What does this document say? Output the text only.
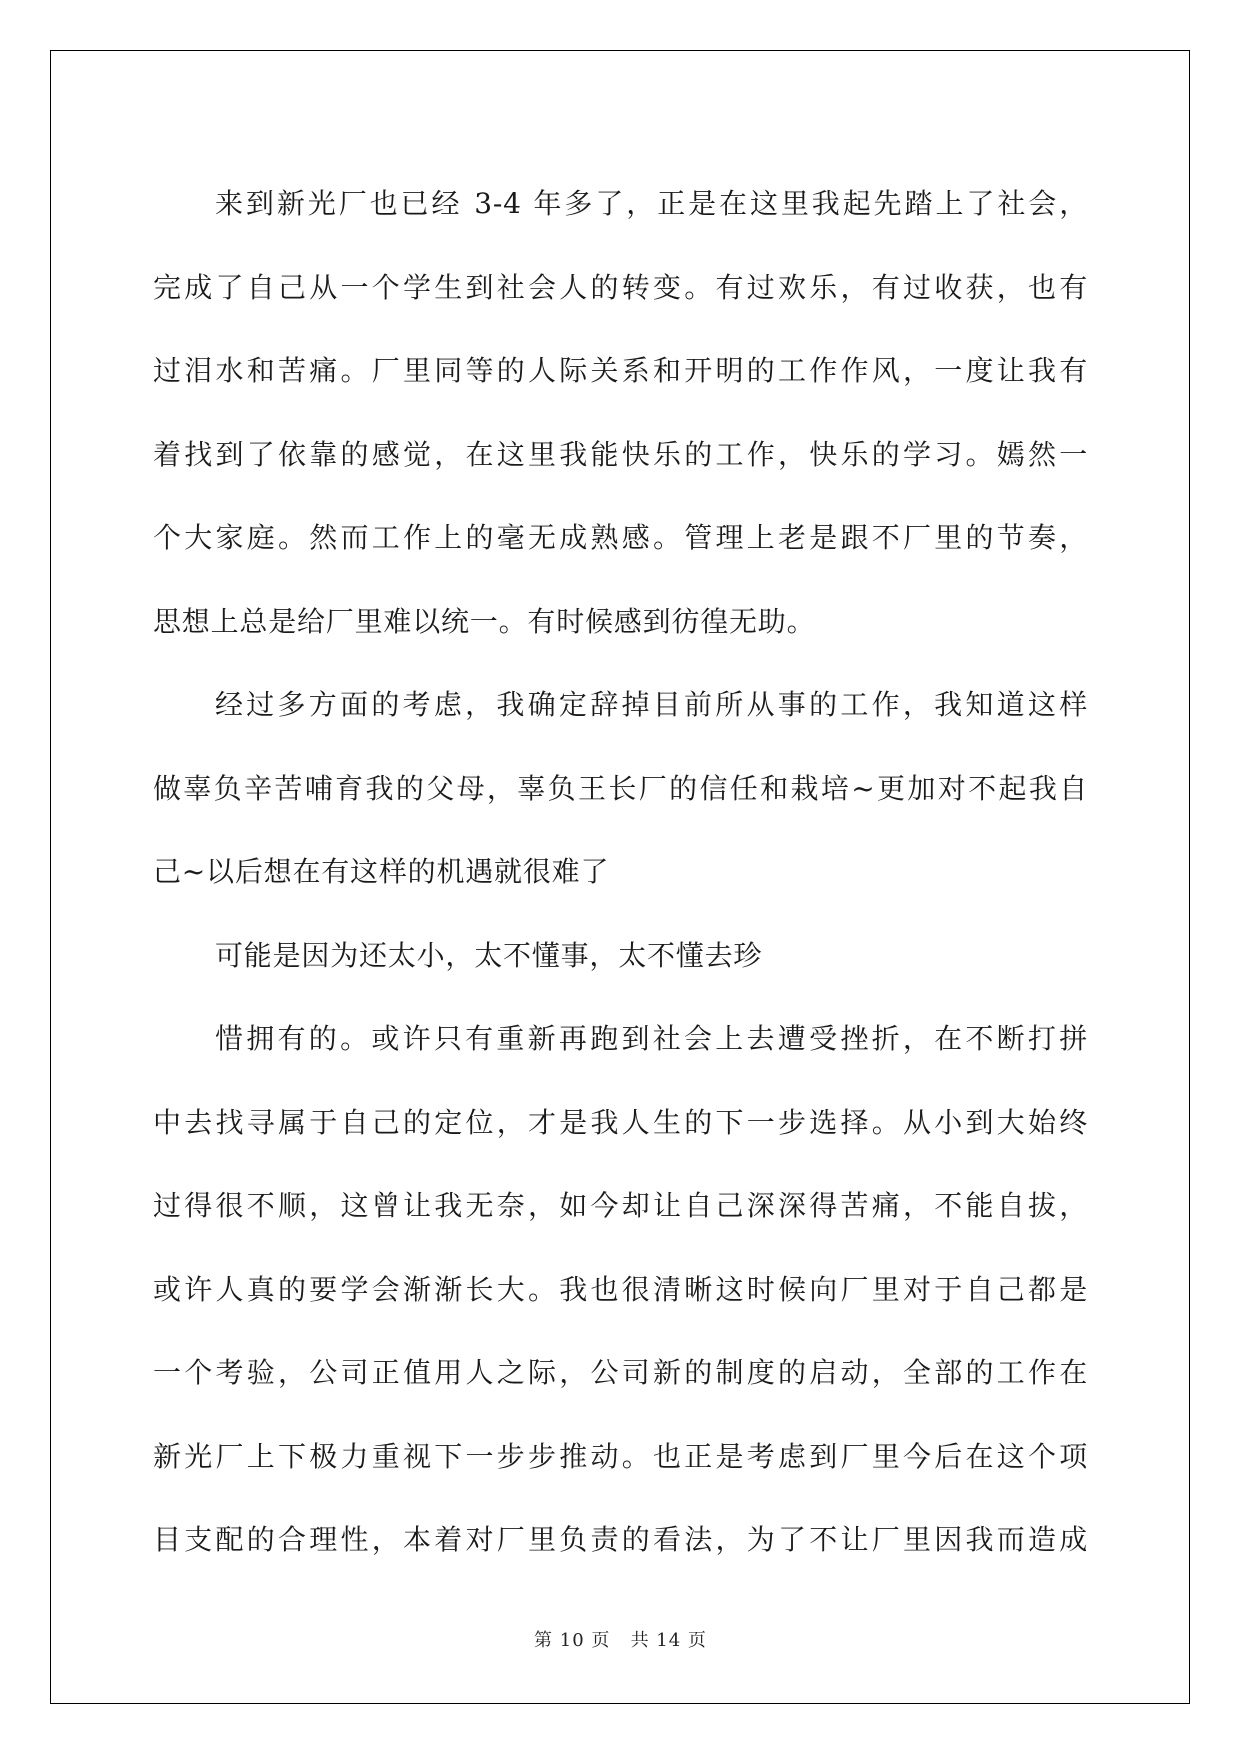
来到新光厂也已经 3-4 年多了，正是在这里我起先踏上了社会，
完成了自己从一个学生到社会人的转变。有过欢乐，有过收获，也有
过泪水和苦痛。厂里同等的人际关系和开明的工作作风，一度让我有
着找到了依靠的感觉，在这里我能快乐的工作，快乐的学习。嫣然一
个大家庭。然而工作上的毫无成熟感。管理上老是跟不厂里的节奏，
思想上总是给厂里难以统一。有时候感到彷徨无助。
经过多方面的考虑，我确定辞掉目前所从事的工作，我知道这样
做辜负辛苦哺育我的父母，辜负王长厂的信任和栽培~更加对不起我自
己~以后想在有这样的机遇就很难了
可能是因为还太小，太不懂事，太不懂去珍
惜拥有的。或许只有重新再跑到社会上去遭受挫折，在不断打拼
中去找寻属于自己的定位，才是我人生的下一步选择。从小到大始终
过得很不顺，这曾让我无奈，如今却让自己深深得苦痛，不能自拔，
或许人真的要学会渐渐长大。我也很清晰这时候向厂里对于自己都是
一个考验，公司正值用人之际，公司新的制度的启动，全部的工作在
新光厂上下极力重视下一步步推动。也正是考虑到厂里今后在这个项
目支配的合理性，本着对厂里负责的看法，为了不让厂里因我而造成
第 10 页 共 14 页
